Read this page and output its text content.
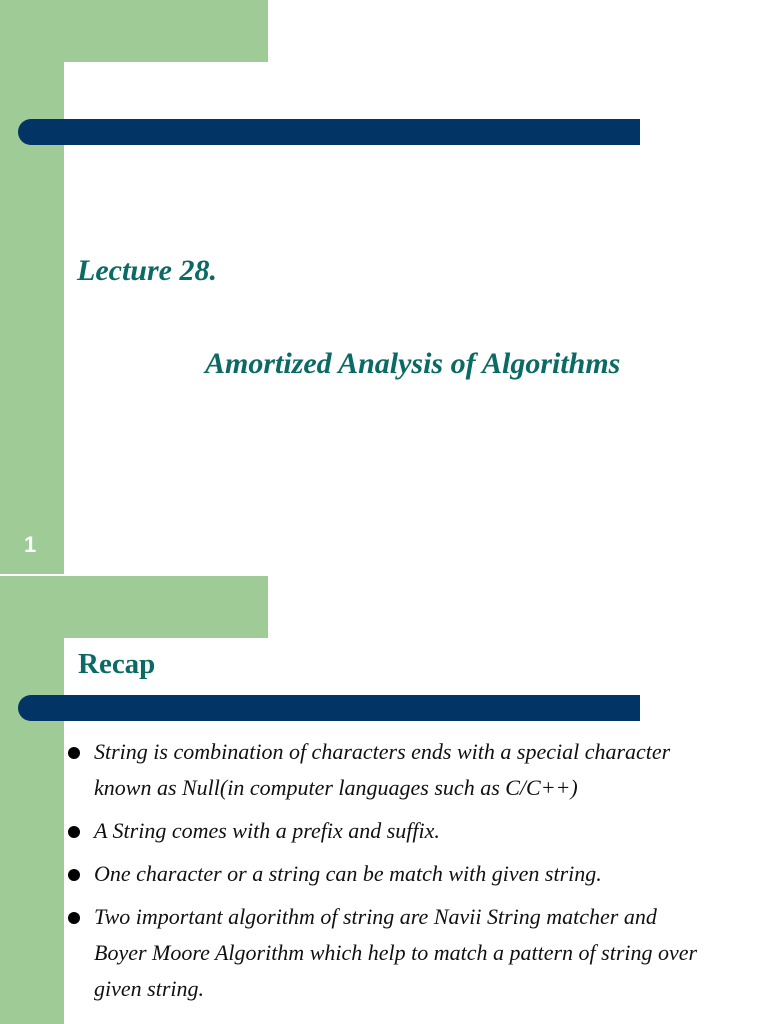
Lecture 28.
Amortized Analysis of Algorithms
1
Recap
String is combination of characters ends with a special character known as Null(in computer languages such as C/C++)
A String comes with a prefix and suffix.
One character or a string can be match with given string.
Two important algorithm of string are Navii String matcher and Boyer Moore Algorithm which help to match a pattern of string over given string.
